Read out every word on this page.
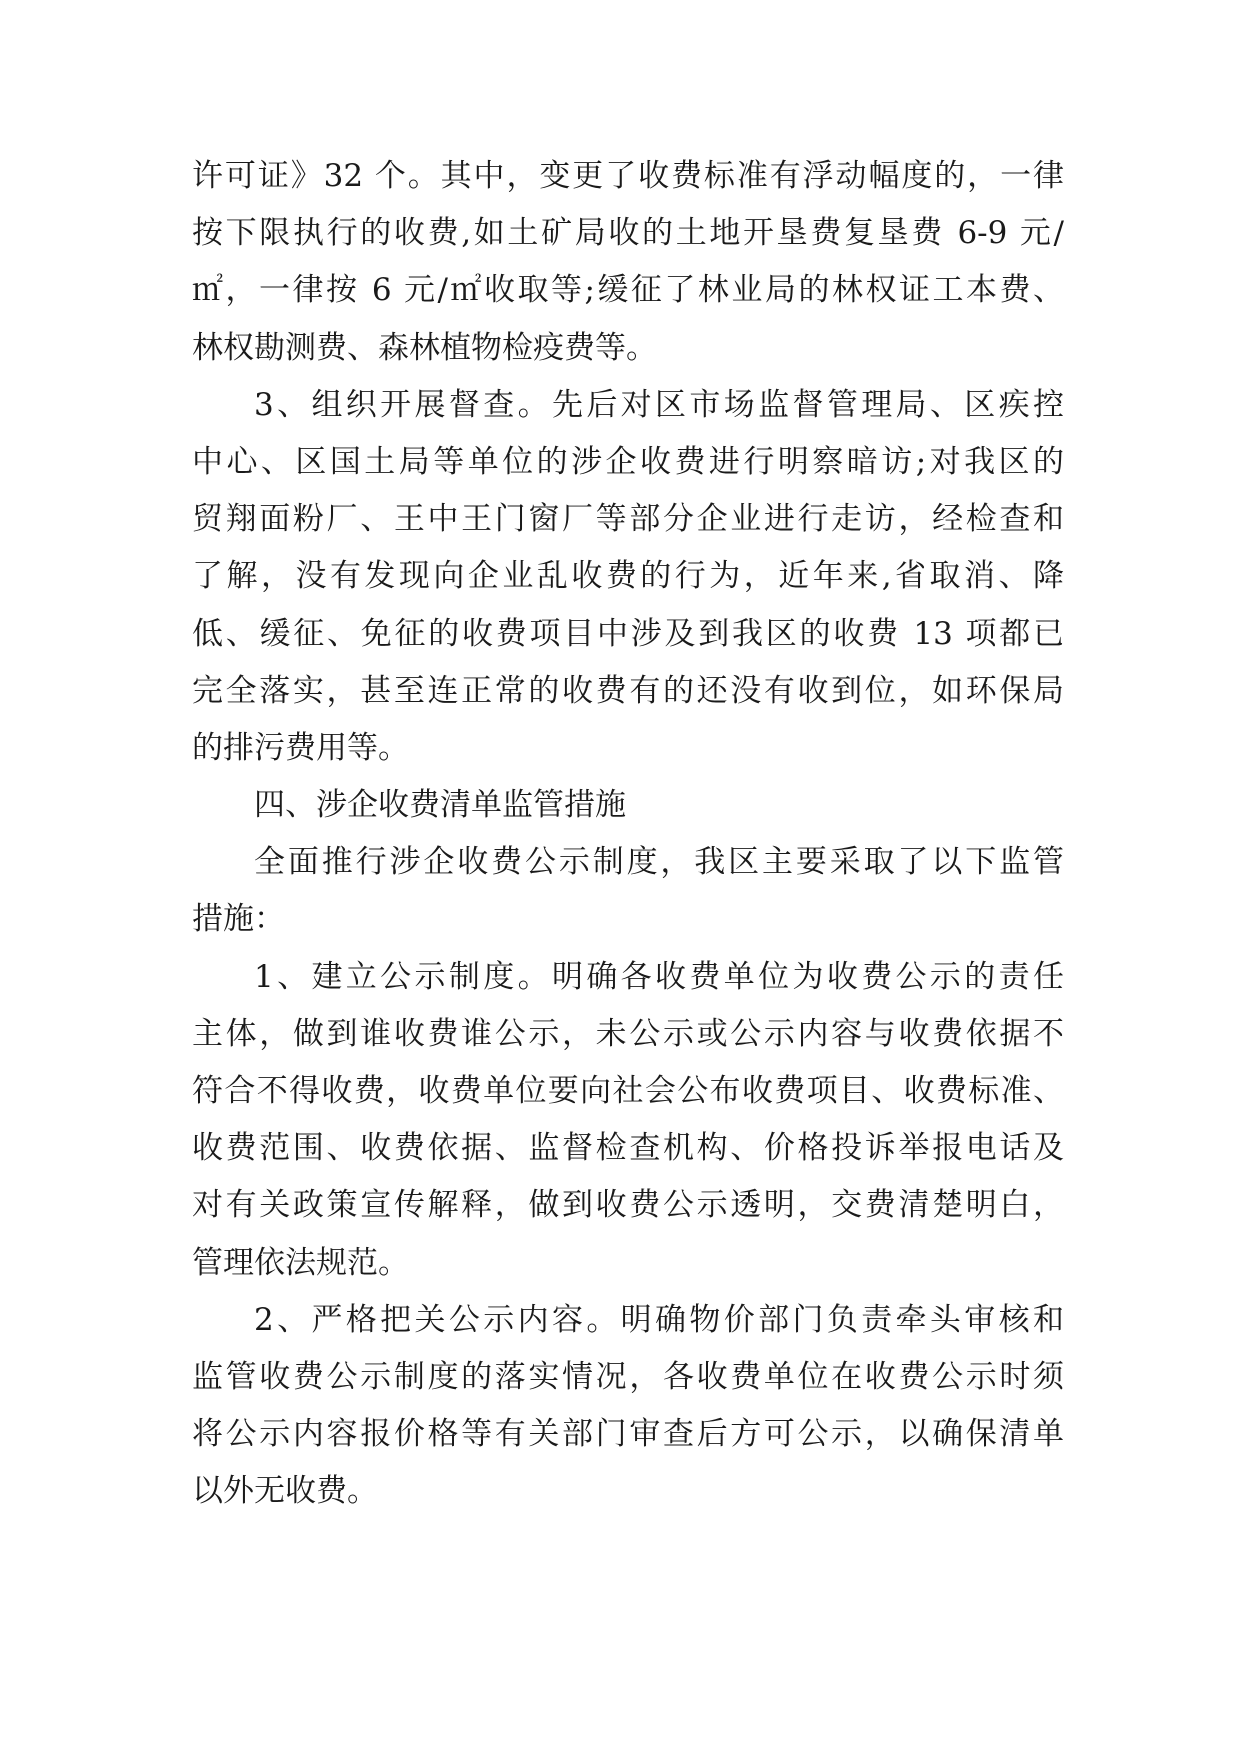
许可证》32 个。其中，变更了收费标准有浮动幅度的，一律
按下限执行的收费,如土矿局收的土地开垦费复垦费 6-9 元/
㎡，一律按 6 元/㎡收取等;缓征了林业局的林权证工本费、
林权勘测费、森林植物检疫费等。
3、组织开展督查。先后对区市场监督管理局、区疾控
中心、区国土局等单位的涉企收费进行明察暗访;对我区的
贸翔面粉厂、王中王门窗厂等部分企业进行走访，经检查和
了解，没有发现向企业乱收费的行为，近年来,省取消、降
低、缓征、免征的收费项目中涉及到我区的收费 13 项都已
完全落实，甚至连正常的收费有的还没有收到位，如环保局
的排污费用等。
四、涉企收费清单监管措施
全面推行涉企收费公示制度，我区主要采取了以下监管
措施：
1、建立公示制度。明确各收费单位为收费公示的责任
主体，做到谁收费谁公示，未公示或公示内容与收费依据不
符合不得收费，收费单位要向社会公布收费项目、收费标准、
收费范围、收费依据、监督检查机构、价格投诉举报电话及
对有关政策宣传解释，做到收费公示透明，交费清楚明白，
管理依法规范。
2、严格把关公示内容。明确物价部门负责牵头审核和
监管收费公示制度的落实情况，各收费单位在收费公示时须
将公示内容报价格等有关部门审查后方可公示，以确保清单
以外无收费。
